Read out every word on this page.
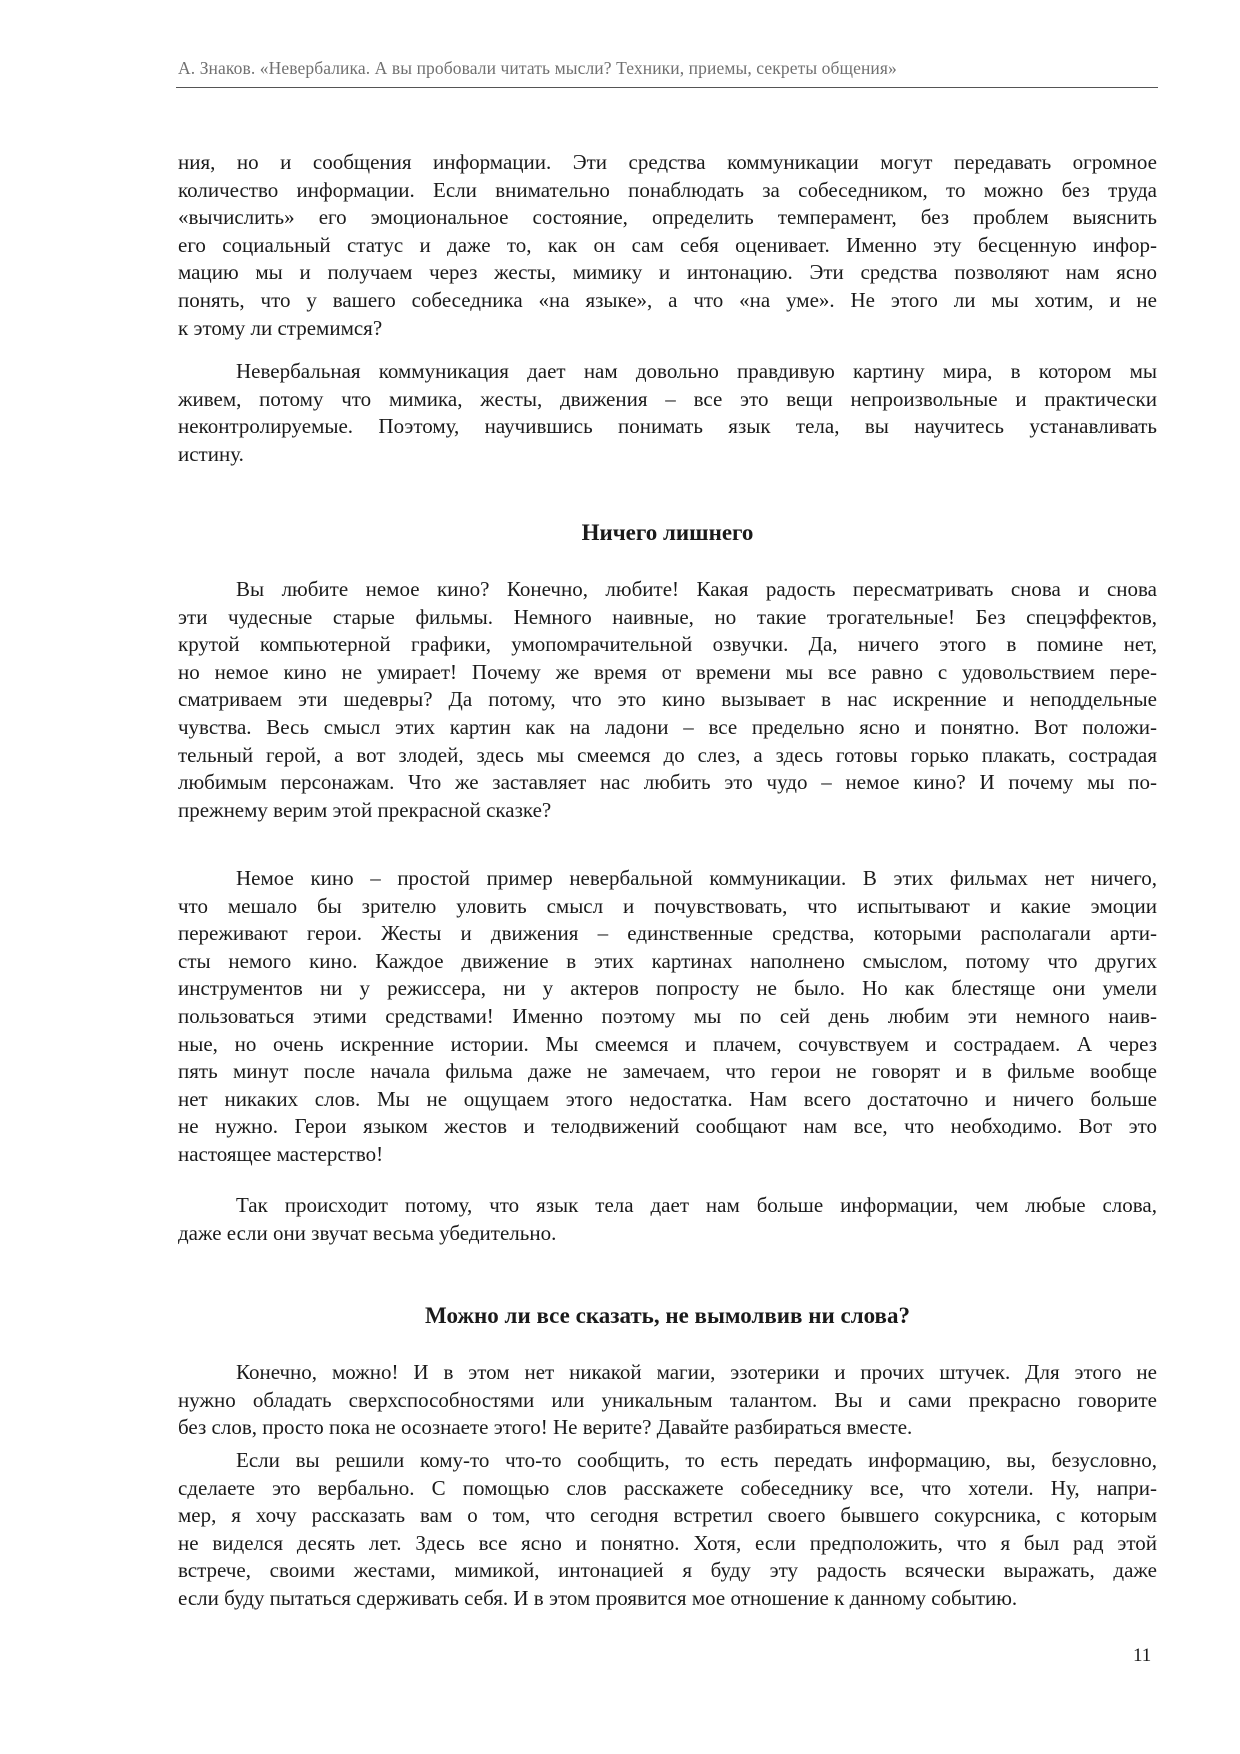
А. Знаков. «Невербалика. А вы пробовали читать мысли? Техники, приемы, секреты общения»
ния, но и сообщения информации. Эти средства коммуникации могут передавать огромное
количество информации. Если внимательно понаблюдать за собеседником, то можно без труда
«вычислить» его эмоциональное состояние, определить темперамент, без проблем выяснить
его социальный статус и даже то, как он сам себя оценивает. Именно эту бесценную инфор-
мацию мы и получаем через жесты, мимику и интонацию. Эти средства позволяют нам ясно
понять, что у вашего собеседника «на языке», а что «на уме». Не этого ли мы хотим, и не
к этому ли стремимся?
Невербальная коммуникация дает нам довольно правдивую картину мира, в котором мы
живем, потому что мимика, жесты, движения – все это вещи непроизвольные и практически
неконтролируемые. Поэтому, научившись понимать язык тела, вы научитесь устанавливать
истину.
Ничего лишнего
Вы любите немое кино? Конечно, любите! Какая радость пересматривать снова и снова
эти чудесные старые фильмы. Немного наивные, но такие трогательные! Без спецэффектов,
крутой компьютерной графики, умопомрачительной озвучки. Да, ничего этого в помине нет,
но немое кино не умирает! Почему же время от времени мы все равно с удовольствием пере-
сматриваем эти шедевры? Да потому, что это кино вызывает в нас искренние и неподдельные
чувства. Весь смысл этих картин как на ладони – все предельно ясно и понятно. Вот положи-
тельный герой, а вот злодей, здесь мы смеемся до слез, а здесь готовы горько плакать, сострадая
любимым персонажам. Что же заставляет нас любить это чудо – немое кино? И почему мы по-
прежнему верим этой прекрасной сказке?
Немое кино – простой пример невербальной коммуникации. В этих фильмах нет ничего,
что мешало бы зрителю уловить смысл и почувствовать, что испытывают и какие эмоции
переживают герои. Жесты и движения – единственные средства, которыми располагали арти-
сты немого кино. Каждое движение в этих картинах наполнено смыслом, потому что других
инструментов ни у режиссера, ни у актеров попросту не было. Но как блестяще они умели
пользоваться этими средствами! Именно поэтому мы по сей день любим эти немного наив-
ные, но очень искренние истории. Мы смеемся и плачем, сочувствуем и сострадаем. А через
пять минут после начала фильма даже не замечаем, что герои не говорят и в фильме вообще
нет никаких слов. Мы не ощущаем этого недостатка. Нам всего достаточно и ничего больше
не нужно. Герои языком жестов и телодвижений сообщают нам все, что необходимо. Вот это
настоящее мастерство!
Так происходит потому, что язык тела дает нам больше информации, чем любые слова,
даже если они звучат весьма убедительно.
Можно ли все сказать, не вымолвив ни слова?
Конечно, можно! И в этом нет никакой магии, эзотерики и прочих штучек. Для этого не
нужно обладать сверхспособностями или уникальным талантом. Вы и сами прекрасно говорите
без слов, просто пока не осознаете этого! Не верите? Давайте разбираться вместе.
Если вы решили кому-то что-то сообщить, то есть передать информацию, вы, безусловно,
сделаете это вербально. С помощью слов расскажете собеседнику все, что хотели. Ну, напри-
мер, я хочу рассказать вам о том, что сегодня встретил своего бывшего сокурсника, с которым
не виделся десять лет. Здесь все ясно и понятно. Хотя, если предположить, что я был рад этой
встрече, своими жестами, мимикой, интонацией я буду эту радость всячески выражать, даже
если буду пытаться сдерживать себя. И в этом проявится мое отношение к данному событию.
11
